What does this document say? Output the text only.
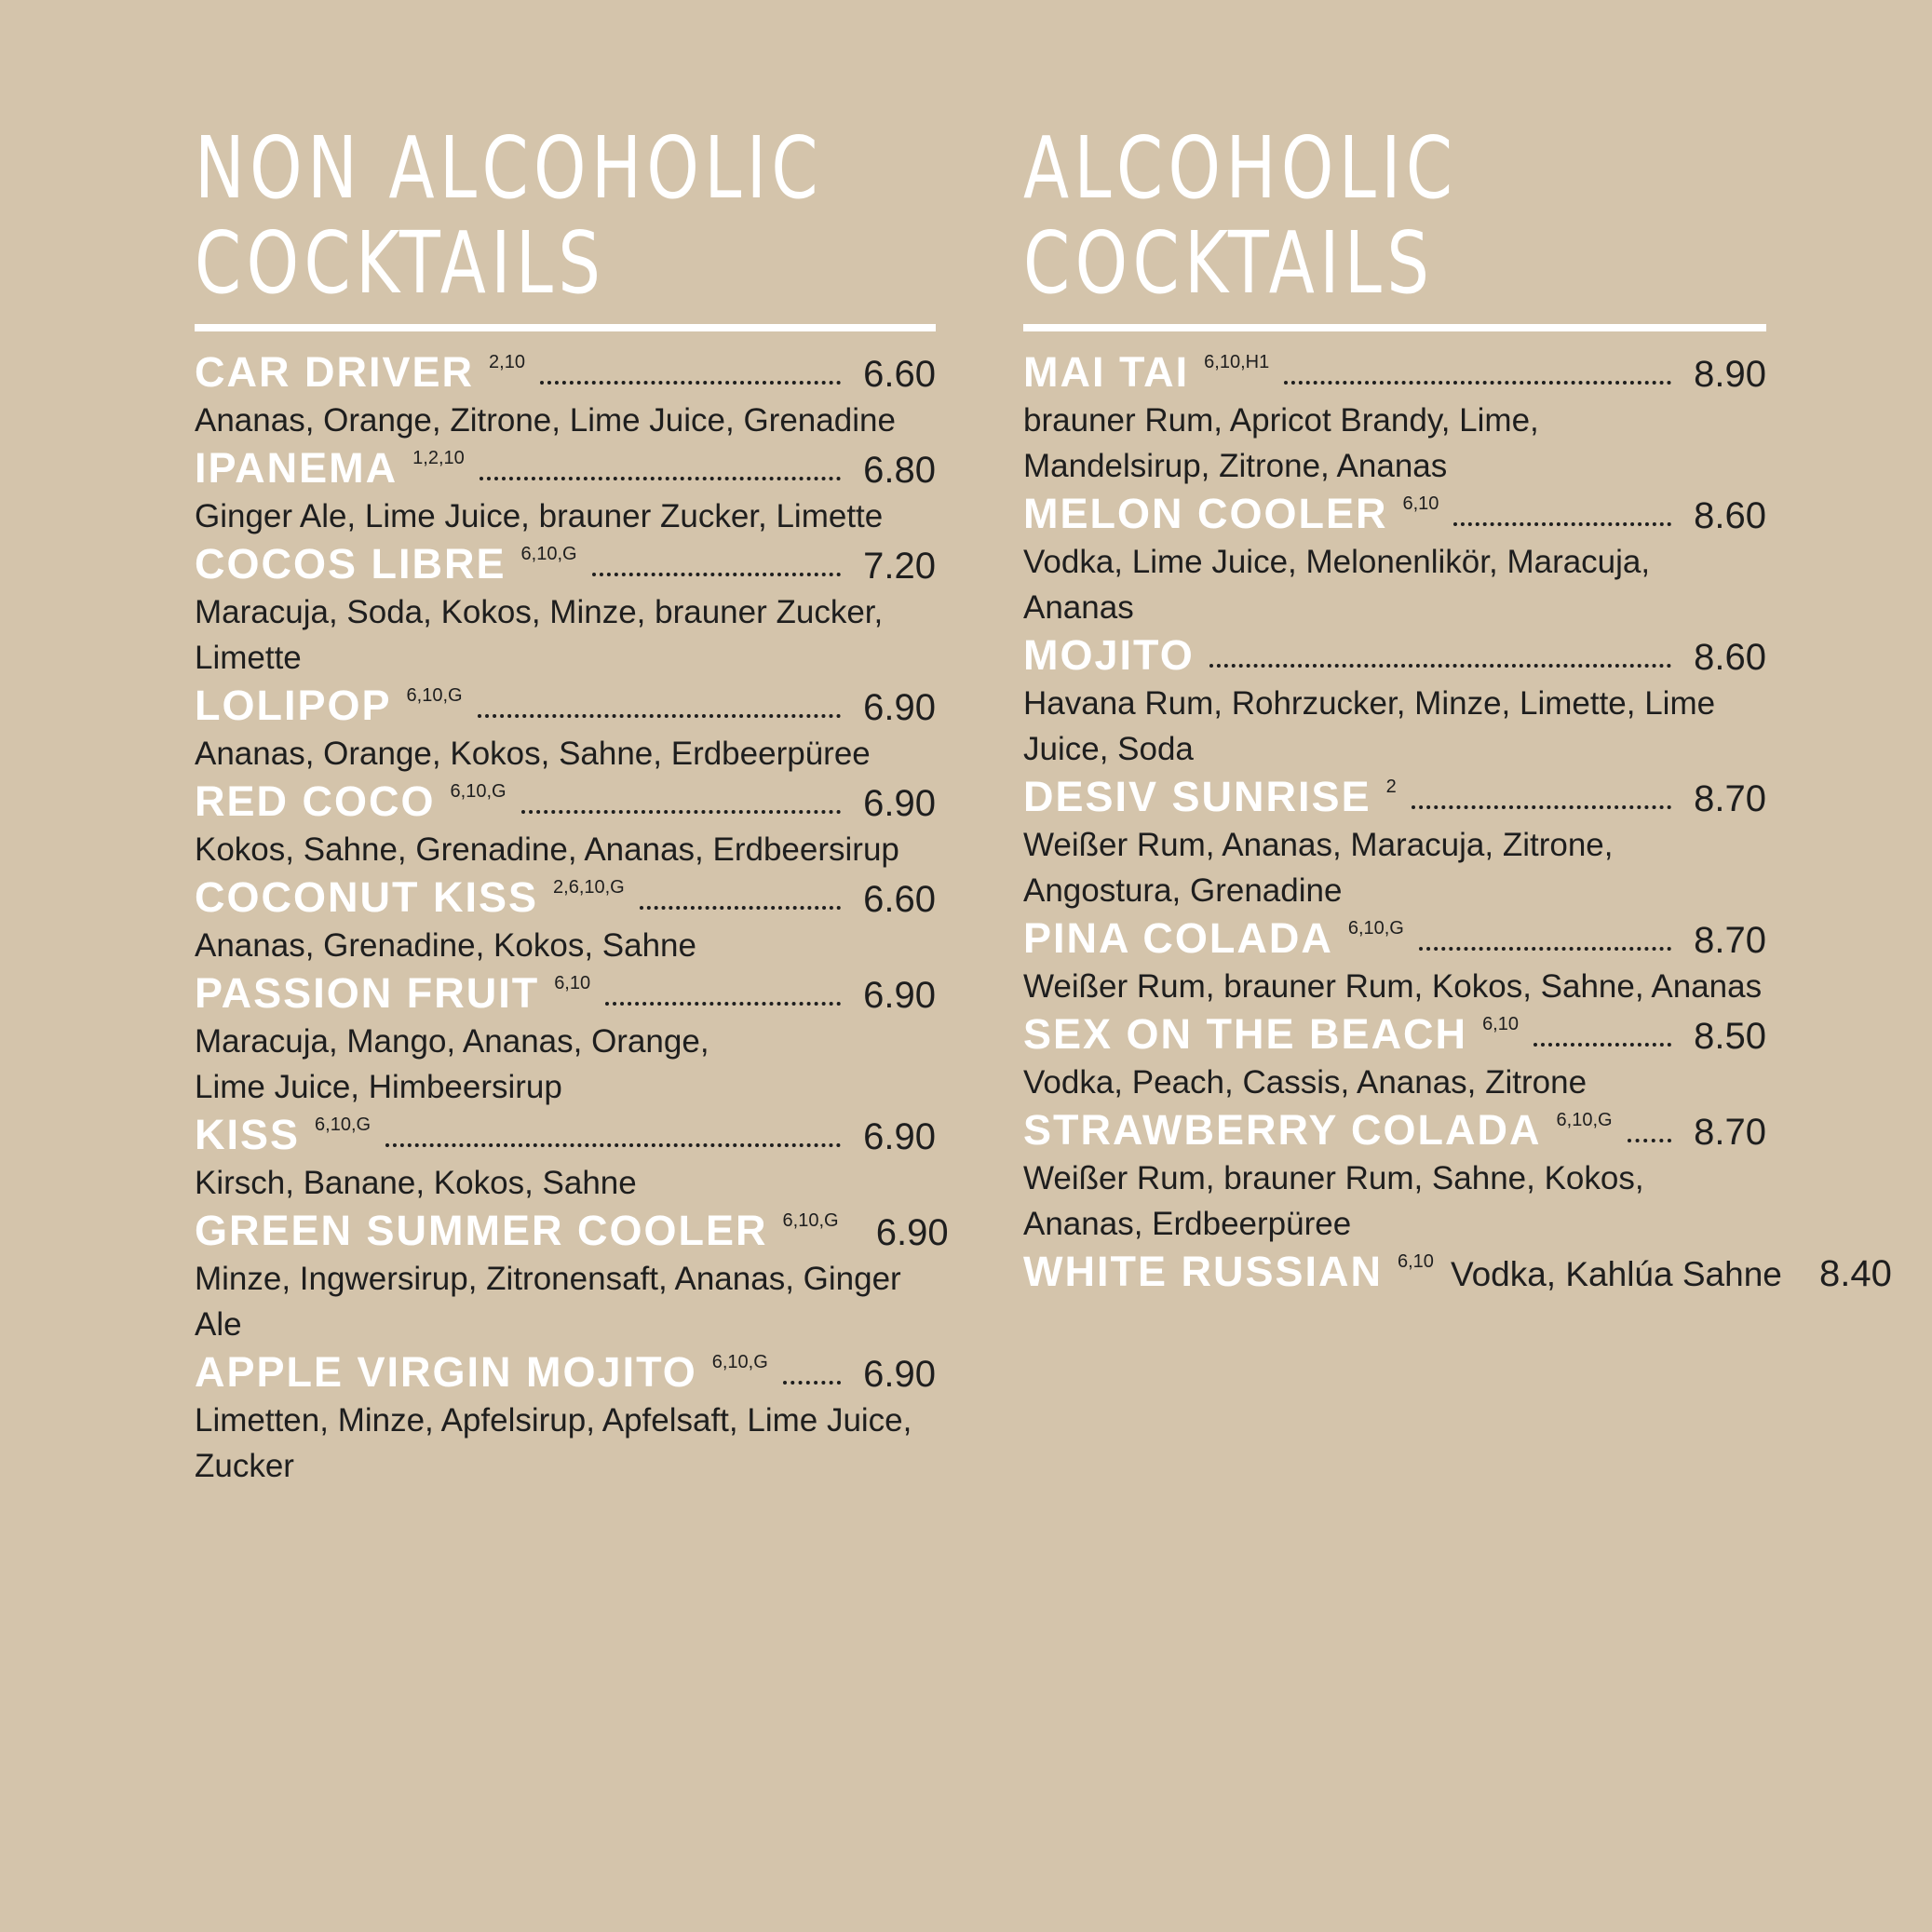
NON ALCOHOLIC
COCKTAILS
CAR DRIVER 2,10	6.60
Ananas, Orange, Zitrone, Lime Juice, Grenadine
IPANEMA 1,2,10	6.80
Ginger Ale, Lime Juice, brauner Zucker, Limette
COCOS LIBRE 6,10,G	7.20
Maracuja, Soda, Kokos, Minze, brauner Zucker, Limette
LOLIPOP 6,10,G	6.90
Ananas, Orange, Kokos, Sahne, Erdbeerpüree
RED COCO 6,10,G	6.90
Kokos, Sahne, Grenadine, Ananas, Erdbeersirup
COCONUT KISS 2,6,10,G	6.60
Ananas, Grenadine, Kokos, Sahne
PASSION FRUIT 6,10	6.90
Maracuja, Mango, Ananas, Orange,
Lime Juice, Himbeersirup
KISS 6,10,G	6.90
Kirsch, Banane, Kokos, Sahne
GREEN SUMMER COOLER 6,10,G 6.90
Minze, Ingwersirup, Zitronensaft, Ananas, Ginger Ale
APPLE VIRGIN MOJITO 6,10,G	6.90
Limetten, Minze, Apfelsirup, Apfelsaft, Lime Juice, Zucker
ALCOHOLIC
COCKTAILS
MAI TAI 6,10,H1	8.90
brauner Rum, Apricot Brandy, Lime,
Mandelsirup, Zitrone, Ananas
MELON COOLER 6,10	8.60
Vodka, Lime Juice, Melonenlikör, Maracuja, Ananas
MOJITO	8.60
Havana Rum, Rohrzucker, Minze, Limette, Lime Juice, Soda
DESIV SUNRISE 2	8.70
Weißer Rum, Ananas, Maracuja, Zitrone,
Angostura, Grenadine
PINA COLADA 6,10,G	8.70
Weißer Rum, brauner Rum, Kokos, Sahne, Ananas
SEX ON THE BEACH 6,10	8.50
Vodka, Peach, Cassis, Ananas, Zitrone
STRAWBERRY COLADA 6,10,G 8.70
Weißer Rum, brauner Rum, Sahne, Kokos,
Ananas, Erdbeerpüree
WHITE RUSSIAN 6,10 Vodka, Kahlúa Sahne 8.40
